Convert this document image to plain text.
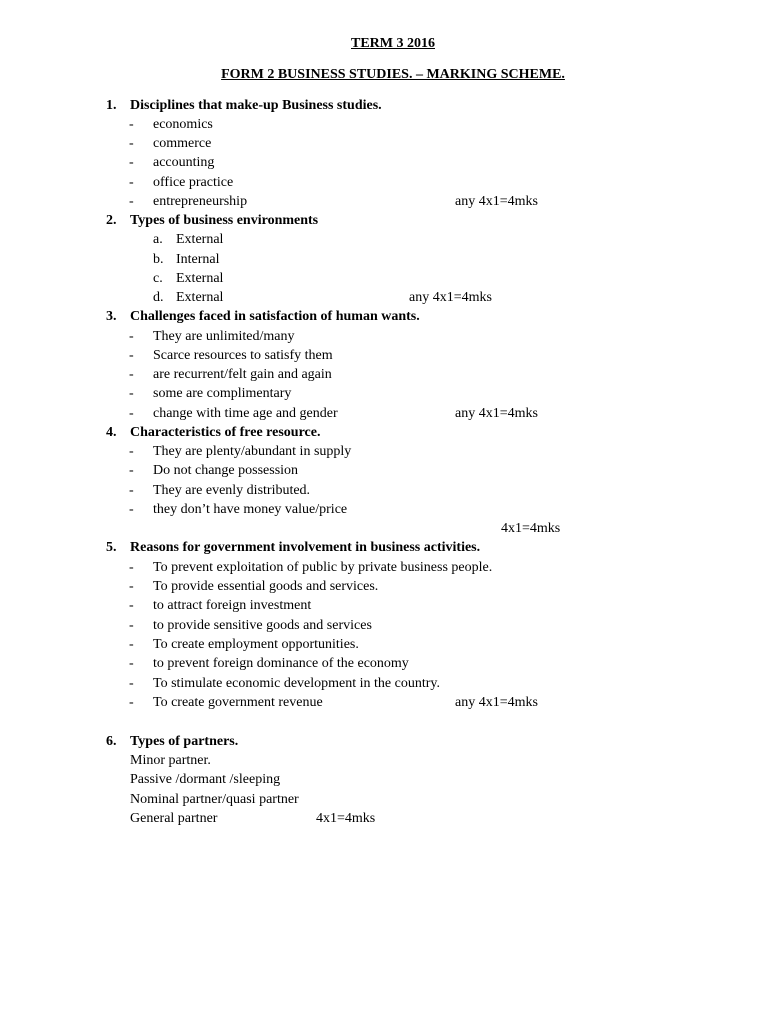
TERM 3 2016
FORM 2 BUSINESS STUDIES. – MARKING SCHEME.
1. Disciplines that make-up Business studies.
- economics
- commerce
- accounting
- office practice
- entrepreneurship	any 4x1=4mks
2. Types of business environments
a. External
b. Internal
c. External
d. External	any 4x1=4mks
3. Challenges faced in satisfaction of human wants.
- They are unlimited/many
- Scarce resources to satisfy them
- are recurrent/felt gain and again
- some are complimentary
- change with time age and gender	any 4x1=4mks
4. Characteristics of free resource.
- They are plenty/abundant in supply
- Do not change possession
- They are evenly distributed.
- they don’t have money value/price
4x1=4mks
5. Reasons for government involvement in business activities.
- To prevent exploitation of public by private business people.
- To provide essential goods and services.
- to attract foreign investment
- to provide sensitive goods and services
- To create employment opportunities.
- to prevent foreign dominance of the economy
- To stimulate economic development in the country.
- To create government revenue	any 4x1=4mks
6. Types of partners.
Minor partner.
Passive /dormant /sleeping
Nominal partner/quasi partner
General partner	4x1=4mks
